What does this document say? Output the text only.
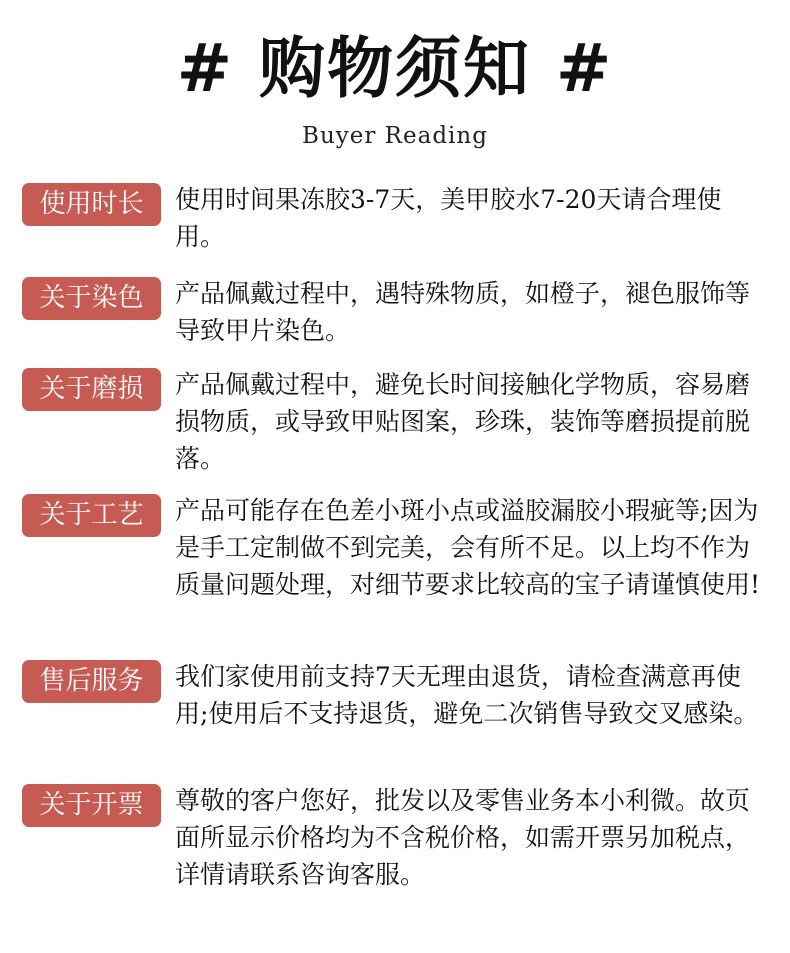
# 购物须知 #
Buyer Reading
使用时长	使用时间果冻胶3-7天，美甲胶水7-20天请合理使用。
关于染色	产品佩戴过程中，遇特殊物质，如橙子，褪色服饰等导致甲片染色。
关于磨损	产品佩戴过程中，避免长时间接触化学物质，容易磨损物质，或导致甲贴图案，珍珠，装饰等磨损提前脱落。
关于工艺	产品可能存在色差小斑小点或溢胶漏胶小瑕疵等;因为是手工定制做不到完美，会有所不足。以上均不作为质量问题处理，对细节要求比较高的宝子请谨慎使用!
售后服务	我们家使用前支持7天无理由退货，请检查满意再使用;使用后不支持退货，避免二次销售导致交叉感染。
关于开票	尊敬的客户您好，批发以及零售业务本小利微。故页面所显示价格均为不含税价格，如需开票另加税点，详情请联系咨询客服。
